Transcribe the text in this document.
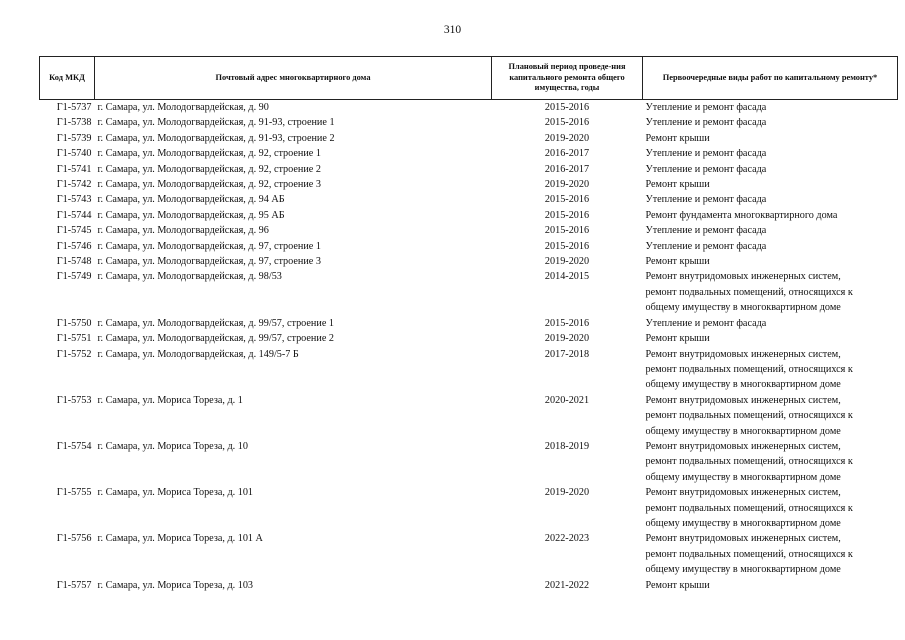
310
Код МКД	Почтовый адрес многоквартирного дома	Плановый период проведе-ния капитального ремонта общего имущества, годы	Первоочередные виды работ по капитальному ремонту*
Г1-5737	г. Самара, ул. Молодогвардейская, д. 90	2015-2016	Утепление и ремонт фасада

Г1-5738	г. Самара, ул. Молодогвардейская, д. 91-93, строение 1	2015-2016	Утепление и ремонт фасада

Г1-5739	г. Самара, ул. Молодогвардейская, д. 91-93, строение 2	2019-2020	Ремонт крыши

Г1-5740	г. Самара, ул. Молодогвардейская, д. 92, строение 1	2016-2017	Утепление и ремонт фасада

Г1-5741	г. Самара, ул. Молодогвардейская, д. 92, строение 2	2016-2017	Утепление и ремонт фасада

Г1-5742	г. Самара, ул. Молодогвардейская, д. 92, строение 3	2019-2020	Ремонт крыши

Г1-5743	г. Самара, ул. Молодогвардейская, д. 94 АБ	2015-2016	Утепление и ремонт фасада

Г1-5744	г. Самара, ул. Молодогвардейская, д. 95 АБ	2015-2016	Ремонт фундамента многоквартирного дома

Г1-5745	г. Самара, ул. Молодогвардейская, д. 96	2015-2016	Утепление и ремонт фасада

Г1-5746	г. Самара, ул. Молодогвардейская, д. 97, строение 1	2015-2016	Утепление и ремонт фасада

Г1-5748	г. Самара, ул. Молодогвардейская, д. 97, строение 3	2019-2020	Ремонт крыши

Г1-5749	г. Самара, ул. Молодогвардейская, д. 98/53	2014-2015	Ремонт внутридомовых инженерных систем,
ремонт подвальных помещений, относящихся к
общему имуществу в многоквартирном доме

Г1-5750	г. Самара, ул. Молодогвардейская, д. 99/57, строение 1	2015-2016	Утепление и ремонт фасада

Г1-5751	г. Самара, ул. Молодогвардейская, д. 99/57, строение 2	2019-2020	Ремонт крыши

Г1-5752	г. Самара, ул. Молодогвардейская, д. 149/5-7 Б	2017-2018	Ремонт внутридомовых инженерных систем,
ремонт подвальных помещений, относящихся к
общему имуществу в многоквартирном доме

Г1-5753	г. Самара, ул. Мориса Тореза, д. 1	2020-2021	Ремонт внутридомовых инженерных систем,
ремонт подвальных помещений, относящихся к
общему имуществу в многоквартирном доме

Г1-5754	г. Самара, ул. Мориса Тореза, д. 10	2018-2019	Ремонт внутридомовых инженерных систем,
ремонт подвальных помещений, относящихся к
общему имуществу в многоквартирном доме

Г1-5755	г. Самара, ул. Мориса Тореза, д. 101	2019-2020	Ремонт внутридомовых инженерных систем,
ремонт подвальных помещений, относящихся к
общему имуществу в многоквартирном доме

Г1-5756	г. Самара, ул. Мориса Тореза, д. 101 А	2022-2023	Ремонт внутридомовых инженерных систем,
ремонт подвальных помещений, относящихся к
общему имуществу в многоквартирном доме

Г1-5757	г. Самара, ул. Мориса Тореза, д. 103	2021-2022	Ремонт крыши
